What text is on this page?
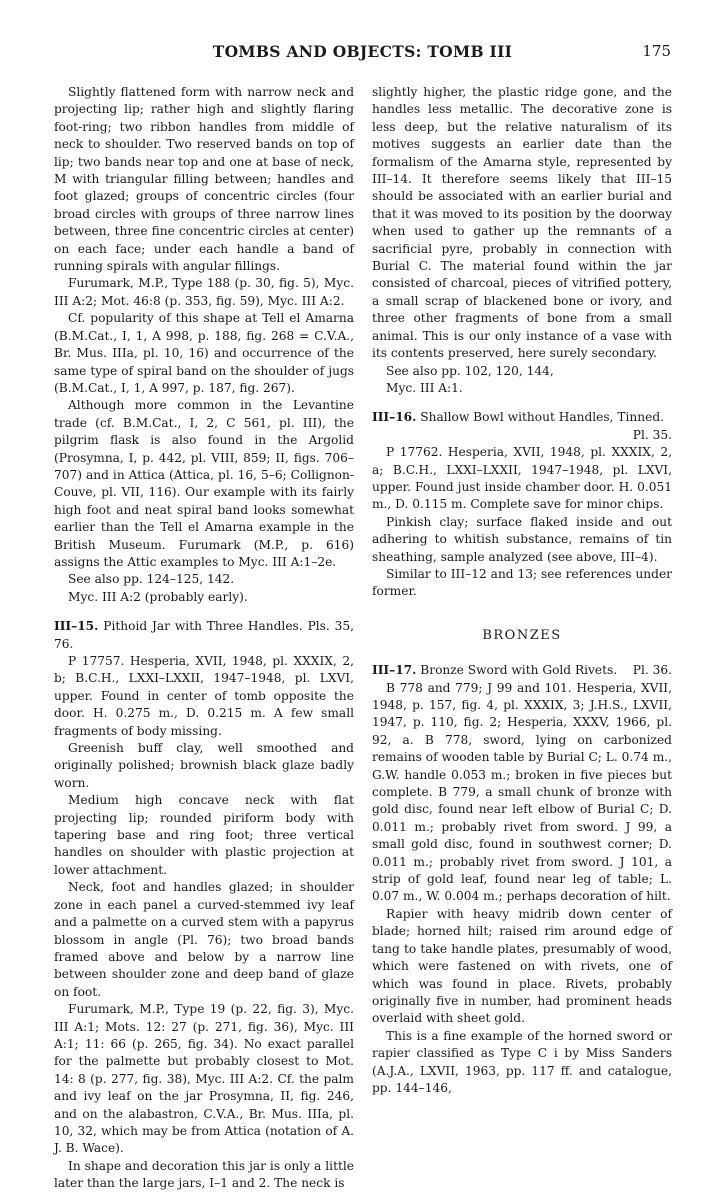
TOMBS AND OBJECTS: TOMB III	175

Slightly flattened form with narrow neck and projecting lip; rather high and slightly flaring foot-ring; two ribbon handles from middle of neck to shoulder. Two reserved bands on top of lip; two bands near top and one at base of neck, M with triangular filling between; handles and foot glazed; groups of concentric circles (four broad circles with groups of three narrow lines between, three fine concentric circles at center) on each face; under each handle a band of running spirals with angular fillings.

Furumark, M.P., Type 188 (p. 30, fig. 5), Myc. III A:2; Mot. 46:8 (p. 353, fig. 59), Myc. III A:2.

Cf. popularity of this shape at Tell el Amarna (B.M.Cat., I, 1, A 998, p. 188, fig. 268 = C.V.A., Br. Mus. IIIa, pl. 10, 16) and occurrence of the same type of spiral band on the shoulder of jugs (B.M.Cat., I, 1, A 997, p. 187, fig. 267).

Although more common in the Levantine trade (cf. B.M.Cat., I, 2, C 561, pl. III), the pilgrim flask is also found in the Argolid (Prosymna, I, p. 442, pl. VIII, 859; II, figs. 706–707) and in Attica (Attica, pl. 16, 5–6; Collignon-Couve, pl. VII, 116). Our example with its fairly high foot and neat spiral band looks somewhat earlier than the Tell el Amarna example in the British Museum. Furumark (M.P., p. 616) assigns the Attic examples to Myc. III A:1–2e.

See also pp. 124–125, 142.

Myc. III A:2 (probably early).

III–15. Pithoid Jar with Three Handles. Pls. 35, 76.

P 17757. Hesperia, XVII, 1948, pl. XXXIX, 2, b; B.C.H., LXXI–LXXII, 1947–1948, pl. LXVI, upper. Found in center of tomb opposite the door. H. 0.275 m., D. 0.215 m. A few small fragments of body missing.

Greenish buff clay, well smoothed and originally polished; brownish black glaze badly worn.

Medium high concave neck with flat projecting lip; rounded piriform body with tapering base and ring foot; three vertical handles on shoulder with plastic projection at lower attachment.

Neck, foot and handles glazed; in shoulder zone in each panel a curved-stemmed ivy leaf and a palmette on a curved stem with a papyrus blossom in angle (Pl. 76); two broad bands framed above and below by a narrow line between shoulder zone and deep band of glaze on foot.

Furumark, M.P., Type 19 (p. 22, fig. 3), Myc. III A:1; Mots. 12: 27 (p. 271, fig. 36), Myc. III A:1; 11: 66 (p. 265, fig. 34). No exact parallel for the palmette but probably closest to Mot. 14: 8 (p. 277, fig. 38), Myc. III A:2. Cf. the palm and ivy leaf on the jar Prosymna, II, fig. 246, and on the alabastron, C.V.A., Br. Mus. IIIa, pl. 10, 32, which may be from Attica (notation of A. J. B. Wace).

In shape and decoration this jar is only a little later than the large jars, I–1 and 2. The neck is

slightly higher, the plastic ridge gone, and the handles less metallic. The decorative zone is less deep, but the relative naturalism of its motives suggests an earlier date than the formalism of the Amarna style, represented by III–14. It therefore seems likely that III–15 should be associated with an earlier burial and that it was moved to its position by the doorway when used to gather up the remnants of a sacrificial pyre, probably in connection with Burial C. The material found within the jar consisted of charcoal, pieces of vitrified pottery, a small scrap of blackened bone or ivory, and three other fragments of bone from a small animal. This is our only instance of a vase with its contents preserved, here surely secondary.

See also pp. 102, 120, 144,

Myc. III A:1.

III–16. Shallow Bowl without Handles, Tinned.
Pl. 35.

P 17762. Hesperia, XVII, 1948, pl. XXXIX, 2, a; B.C.H., LXXI–LXXII, 1947–1948, pl. LXVI, upper. Found just inside chamber door. H. 0.051 m., D. 0.115 m. Complete save for minor chips.

Pinkish clay; surface flaked inside and out adhering to whitish substance, remains of tin sheathing, sample analyzed (see above, III–4).

Similar to III–12 and 13; see references under former.

BRONZES

III–17. Bronze Sword with Gold Rivets. Pl. 36.

B 778 and 779; J 99 and 101. Hesperia, XVII, 1948, p. 157, fig. 4, pl. XXXIX, 3; J.H.S., LXVII, 1947, p. 110, fig. 2; Hesperia, XXXV, 1966, pl. 92, a. B 778, sword, lying on carbonized remains of wooden table by Burial C; L. 0.74 m., G.W. handle 0.053 m.; broken in five pieces but complete. B 779, a small chunk of bronze with gold disc, found near left elbow of Burial C; D. 0.011 m.; probably rivet from sword. J 99, a small gold disc, found in southwest corner; D. 0.011 m.; probably rivet from sword. J 101, a strip of gold leaf, found near leg of table; L. 0.07 m., W. 0.004 m.; perhaps decoration of hilt.

Rapier with heavy midrib down center of blade; horned hilt; raised rim around edge of tang to take handle plates, presumably of wood, which were fastened on with rivets, one of which was found in place. Rivets, probably originally five in number, had prominent heads overlaid with sheet gold.

This is a fine example of the horned sword or rapier classified as Type C i by Miss Sanders (A.J.A., LXVII, 1963, pp. 117 ff. and catalogue, pp. 144–146,
